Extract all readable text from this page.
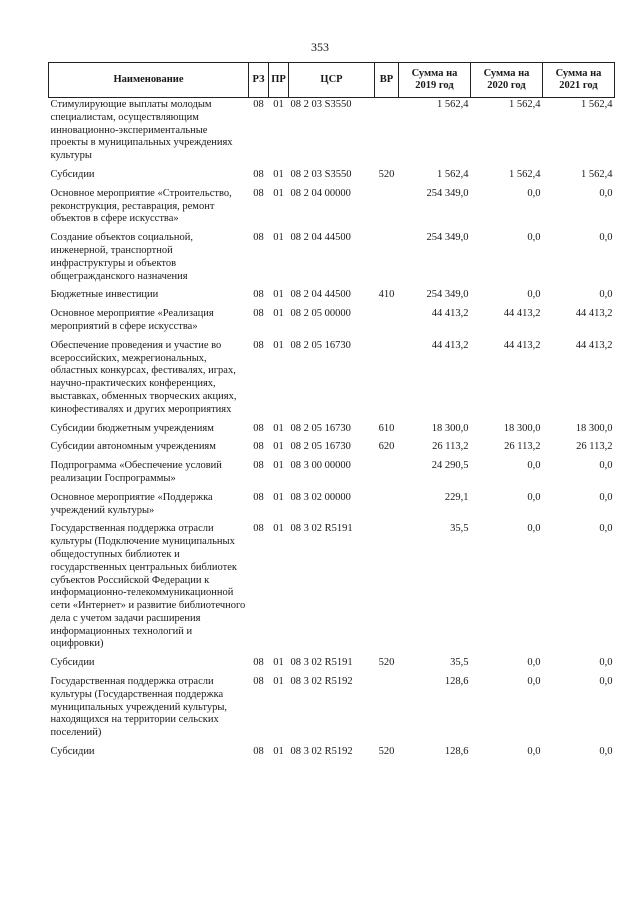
353
Наименование	РЗ	ПР	ЦСР	ВР	Сумма на 2019 год	Сумма на 2020 год	Сумма на 2021 год
Стимулирующие выплаты молодым специалистам, осуществляющим инновационно-экспериментальные проекты в муниципальных учреждениях культуры	08	01	08 2 03 S3550		1 562,4	1 562,4	1 562,4
Субсидии	08	01	08 2 03 S3550	520	1 562,4	1 562,4	1 562,4
Основное мероприятие «Строительство, реконструкция, реставрация, ремонт объектов в сфере искусства»	08	01	08 2 04 00000		254 349,0	0,0	0,0
Создание объектов социальной, инженерной, транспортной инфраструктуры и объектов общегражданского назначения	08	01	08 2 04 44500		254 349,0	0,0	0,0
Бюджетные инвестиции	08	01	08 2 04 44500	410	254 349,0	0,0	0,0
Основное мероприятие «Реализация мероприятий в сфере искусства»	08	01	08 2 05 00000		44 413,2	44 413,2	44 413,2
Обеспечение проведения и участие во всероссийских, межрегиональных, областных конкурсах, фестивалях, играх, научно-практических конференциях, выставках, обменных творческих акциях, кинофестивалях и других мероприятиях	08	01	08 2 05 16730		44 413,2	44 413,2	44 413,2
Субсидии бюджетным учреждениям	08	01	08 2 05 16730	610	18 300,0	18 300,0	18 300,0
Субсидии автономным учреждениям	08	01	08 2 05 16730	620	26 113,2	26 113,2	26 113,2
Подпрограмма «Обеспечение условий реализации Госпрограммы»	08	01	08 3 00 00000		24 290,5	0,0	0,0
Основное мероприятие «Поддержка учреждений культуры»	08	01	08 3 02 00000		229,1	0,0	0,0
Государственная поддержка отрасли культуры (Подключение муниципальных общедоступных библиотек и государственных центральных библиотек субъектов Российской Федерации к информационно-телекоммуникационной сети «Интернет» и развитие библиотечного дела с учетом задачи расширения информационных технологий и оцифровки)	08	01	08 3 02 R5191		35,5	0,0	0,0
Субсидии	08	01	08 3 02 R5191	520	35,5	0,0	0,0
Государственная поддержка отрасли культуры (Государственная поддержка муниципальных учреждений культуры, находящихся на территории сельских поселений)	08	01	08 3 02 R5192		128,6	0,0	0,0
Субсидии	08	01	08 3 02 R5192	520	128,6	0,0	0,0
